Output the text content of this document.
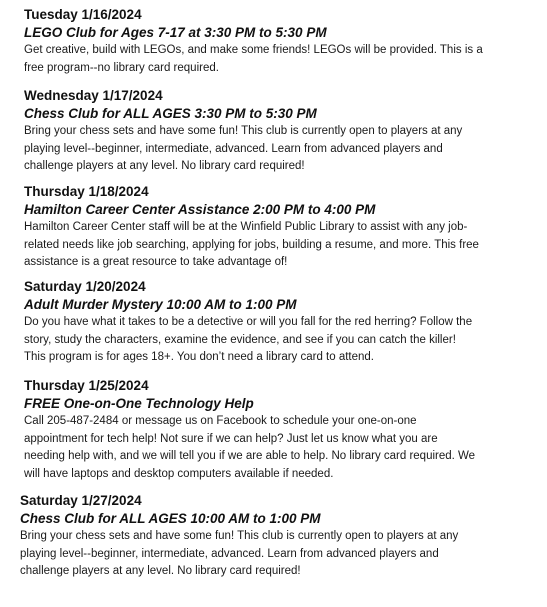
Tuesday 1/16/2024
LEGO Club for Ages 7-17 at 3:30 PM to 5:30 PM

Get creative, build with LEGOs, and make some friends! LEGOs will be provided. This is a
free program--no library card required.

Wednesday 1/17/2024
Chess Club for ALL AGES 3:30 PM to 5:30 PM

Bring your chess sets and have some fun! This club is currently open to players at any
playing level--beginner, intermediate, advanced. Learn from advanced players and
challenge players at any level. No library card required!

Thursday 1/18/2024
Hamilton Career Center Assistance 2:00 PM to 4:00 PM

Hamilton Career Center staff will be at the Winfield Public Library to assist with any job-
related needs like job searching, applying for jobs, building a resume, and more. This free
assistance is a great resource to take advantage of!

Saturday 1/20/2024
Adult Murder Mystery 10:00 AM to 1:00 PM

Do you have what it takes to be a detective or will you fall for the red herring? Follow the
story, study the characters, examine the evidence, and see if you can catch the killer!
This program is for ages 18+. You don’t need a library card to attend.

Thursday 1/25/2024
FREE One-on-One Technology Help

Call 205-487-2484 or message us on Facebook to schedule your one-on-one
appointment for tech help! Not sure if we can help? Just let us know what you are
needing help with, and we will tell you if we are able to help. No library card required. We
will have laptops and desktop computers available if needed.

Saturday 1/27/2024
Chess Club for ALL AGES 10:00 AM to 1:00 PM

Bring your chess sets and have some fun! This club is currently open to players at any
playing level--beginner, intermediate, advanced. Learn from advanced players and
challenge players at any level. No library card required!
